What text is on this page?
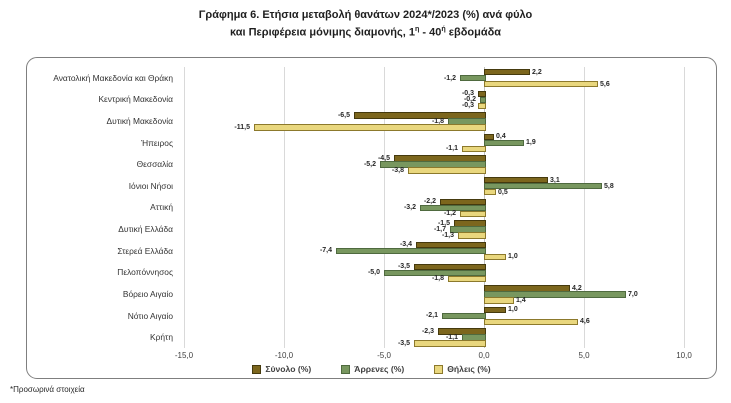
Γράφημα 6. Ετήσια μεταβολή θανάτων 2024*/2023 (%) ανά φύλο
και Περιφέρεια μόνιμης διαμονής, $1^\eta - 40^ή$ εβδομάδα
Ανατολική Μακεδονία και Θράκη
Κεντρική Μακεδονία
Δυτική Μακεδονία
Ήπειρος
Θεσσαλία
Ιόνιοι Νήσοι
Αττική
Δυτική Ελλάδα
Στερεά Ελλάδα
Πελοπόννησος
Βόρειο Αιγαίο
Νότιο Αιγαίο
Κρήτη
2,2
-1,2
5,6
-0,3
-0,2
-0,3
-6,5
-1,8
-11,5
0,4
1,9
-1,1
-4,5
-5,2
-3,8
3,1
5,8
0,5
-2,2
-3,2
-1,2
-1,5
-1,7
-1,3
-3,4
-7,4
1,0
-3,5
-5,0
-1,8
4,2
7,0
1,4
1,0
-2,1
4,6
-2,3
-1,1
-3,5
-15,0	-10,0	-5,0	0,0	5,0	10,0
Σύνολο (%)	Άρρενες (%)	Θήλεις (%)
*Προσωρινά στοιχεία
